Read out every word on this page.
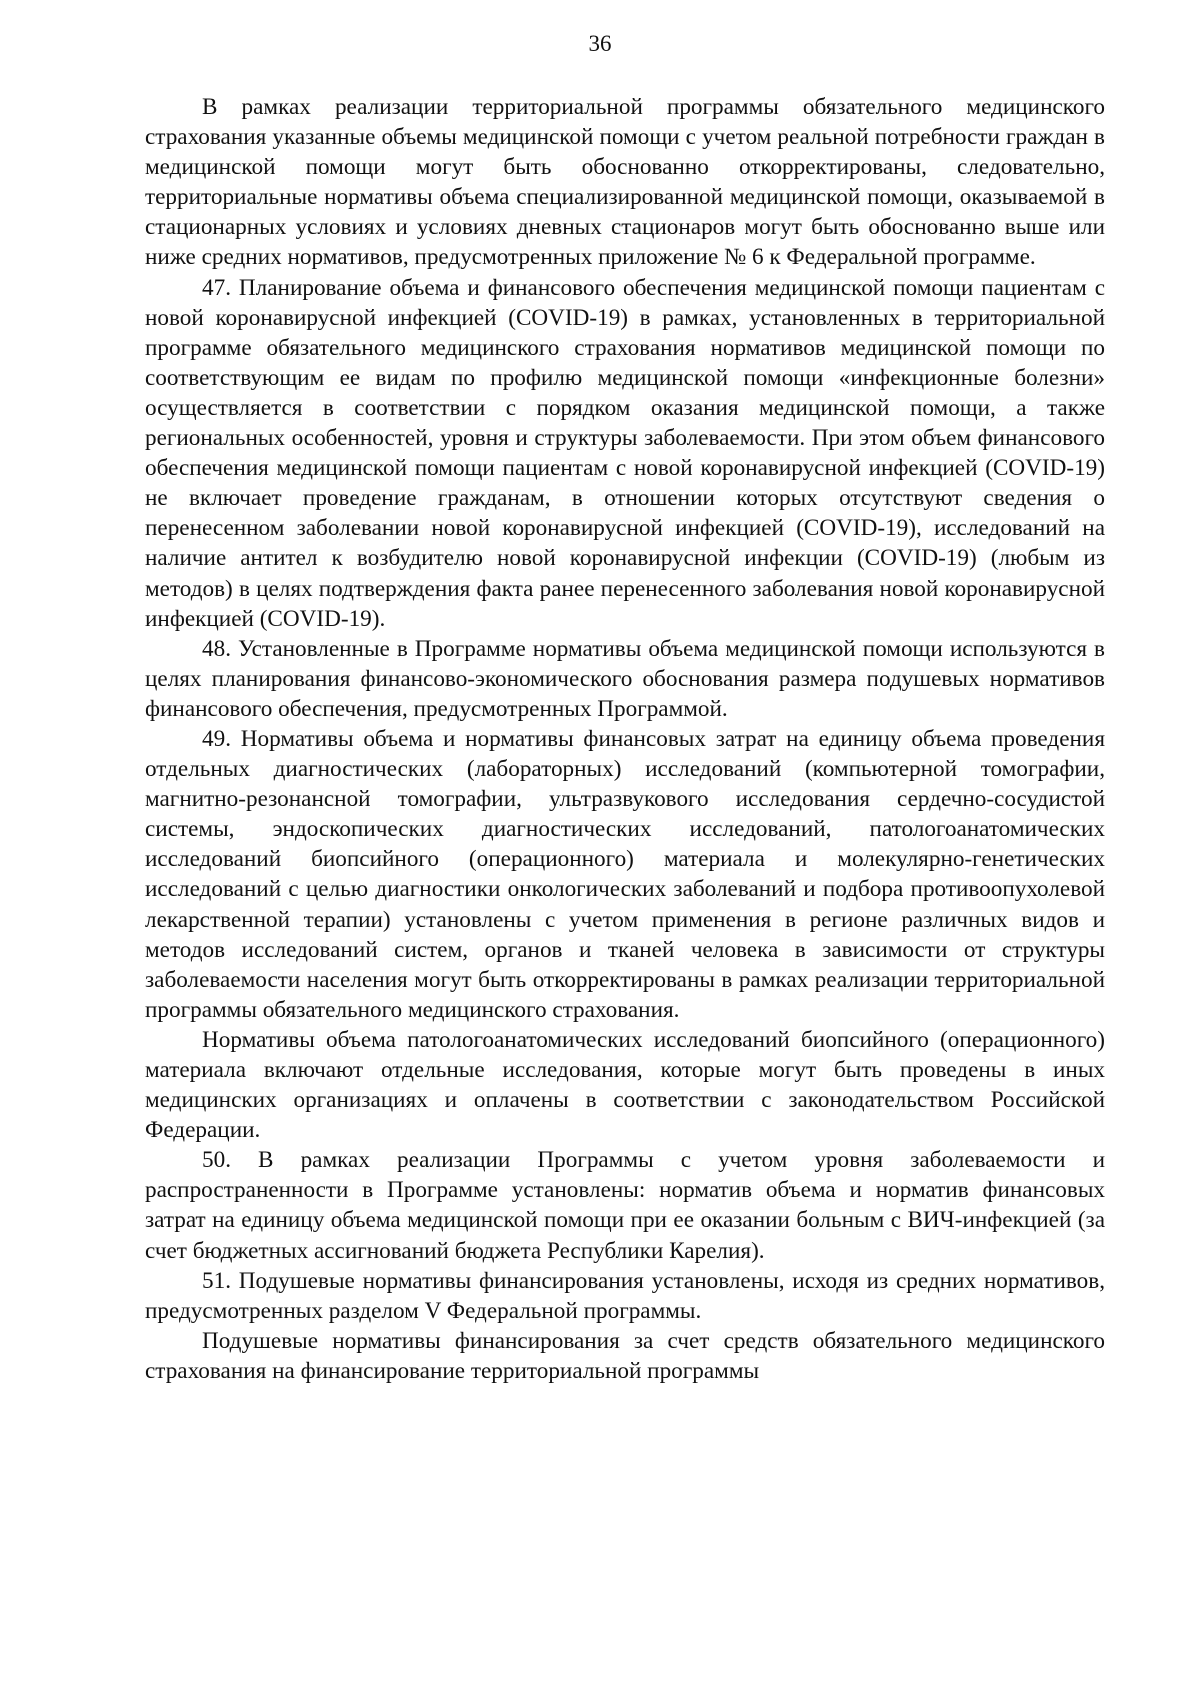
36

В рамках реализации территориальной программы обязательного медицинского страхования указанные объемы медицинской помощи с учетом реальной потребности граждан в медицинской помощи могут быть обоснованно откорректированы, следовательно, территориальные нормативы объема специализированной медицинской помощи, оказываемой в стационарных условиях и условиях дневных стационаров могут быть обоснованно выше или ниже средних нормативов, предусмотренных приложение № 6 к Федеральной программе.

47. Планирование объема и финансового обеспечения медицинской помощи пациентам с новой коронавирусной инфекцией (COVID-19) в рамках, установленных в территориальной программе обязательного медицинского страхования нормативов медицинской помощи по соответствующим ее видам по профилю медицинской помощи «инфекционные болезни» осуществляется в соответствии с порядком оказания медицинской помощи, а также региональных особенностей, уровня и структуры заболеваемости. При этом объем финансового обеспечения медицинской помощи пациентам с новой коронавирусной инфекцией (COVID-19) не включает проведение гражданам, в отношении которых отсутствуют сведения о перенесенном заболевании новой коронавирусной инфекцией (COVID-19), исследований на наличие антител к возбудителю новой коронавирусной инфекции (COVID-19) (любым из методов) в целях подтверждения факта ранее перенесенного заболевания новой коронавирусной инфекцией (COVID-19).

48. Установленные в Программе нормативы объема медицинской помощи используются в целях планирования финансово-экономического обоснования размера подушевых нормативов финансового обеспечения, предусмотренных Программой.

49. Нормативы объема и нормативы финансовых затрат на единицу объема проведения отдельных диагностических (лабораторных) исследований (компьютерной томографии, магнитно-резонансной томографии, ультразвукового исследования сердечно-сосудистой системы, эндоскопических диагностических исследований, патологоанатомических исследований биопсийного (операционного) материала и молекулярно-генетических исследований с целью диагностики онкологических заболеваний и подбора противоопухолевой лекарственной терапии) установлены с учетом применения в регионе различных видов и методов исследований систем, органов и тканей человека в зависимости от структуры заболеваемости населения могут быть откорректированы в рамках реализации территориальной программы обязательного медицинского страхования.

Нормативы объема патологоанатомических исследований биопсийного (операционного) материала включают отдельные исследования, которые могут быть проведены в иных медицинских организациях и оплачены в соответствии с законодательством Российской Федерации.

50. В рамках реализации Программы с учетом уровня заболеваемости и распространенности в Программе установлены: норматив объема и норматив финансовых затрат на единицу объема медицинской помощи при ее оказании больным с ВИЧ-инфекцией (за счет бюджетных ассигнований бюджета Республики Карелия).

51. Подушевые нормативы финансирования установлены, исходя из средних нормативов, предусмотренных разделом V Федеральной программы.

Подушевые нормативы финансирования за счет средств обязательного медицинского страхования на финансирование территориальной программы
